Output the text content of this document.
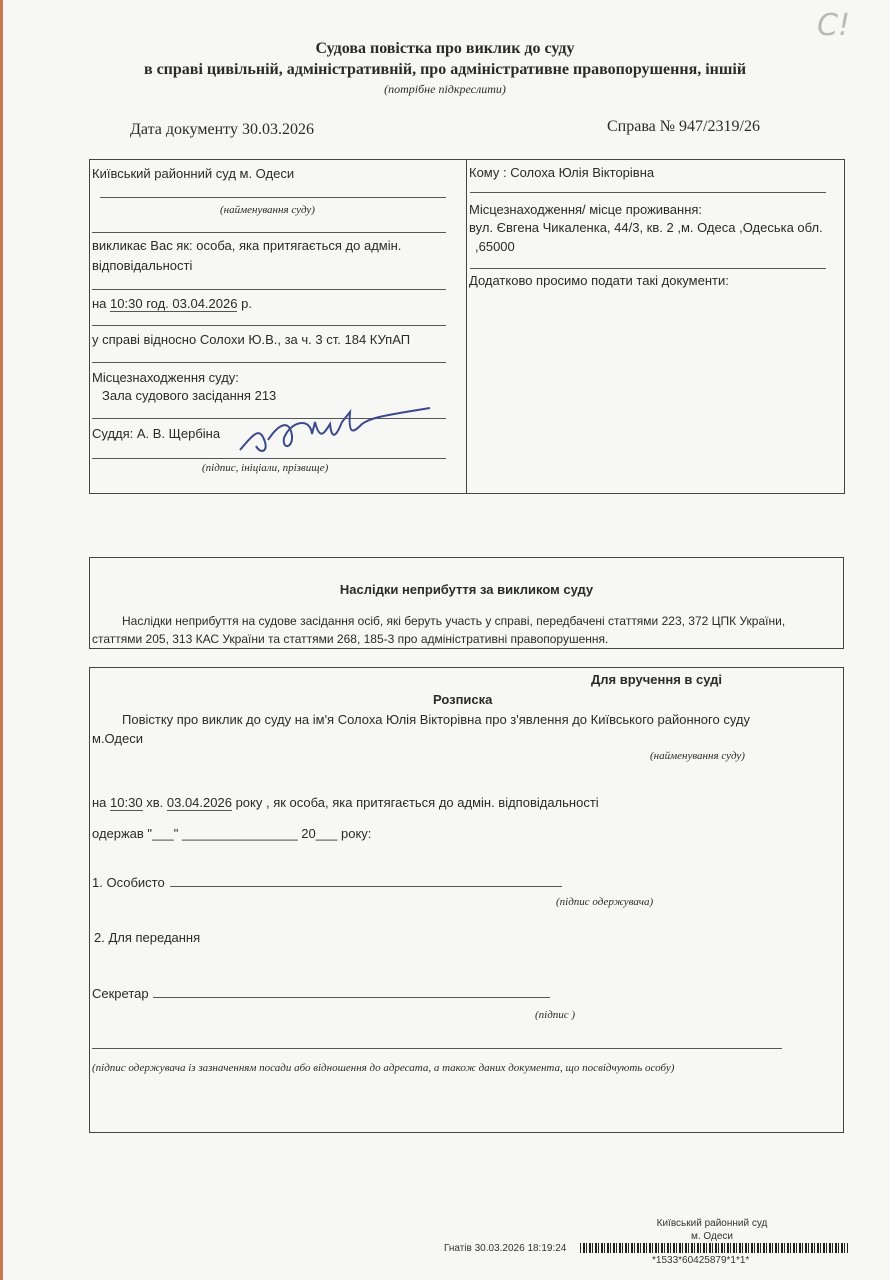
С!
Судова повістка про виклик до суду
в справі цивільній, адміністративній, про адміністративне правопорушення, іншій
(потрібне підкреслити)
Дата документу 30.03.2026	Справа № 947/2319/26
Київський районний суд м. Одеси
(найменування суду)
викликає Вас як: особа, яка притягається до адмін.
відповідальності
на 10:30 год. 03.04.2026 р.
у справі відносно Солохи Ю.В., за ч. 3 ст. 184 КУпАП
Місцезнаходження суду:
Зала судового засідання 213
Суддя: А. В. Щербіна
(підпис, ініціали, прізвище)
Кому : Солоха Юлія Вікторівна
Місцезнаходження/ місце проживання:
вул. Євгена Чикаленка, 44/3, кв. 2 ,м. Одеса ,Одеська обл.
,65000
Додатково просимо подати такі документи:
Наслідки неприбуття за викликом суду
Наслідки неприбуття на судове засідання осіб, які беруть участь у справі, передбачені статтями 223, 372 ЦПК України,
статтями 205, 313 КАС України та статтями 268, 185-3 про адміністративні правопорушення.
Для вручення в суді
Розписка
Повістку про виклик до суду на ім'я Солоха Юлія Вікторівна про з'явлення до Київського районного суду
м.Одеси
(найменування суду)
на 10:30 хв. 03.04.2026 року , як особа, яка притягається до адмін. відповідальності
одержав "___" ________________ 20___ року:
1. Особисто
(підпис одержувача)
2. Для передання
Секретар
(підпис )
(підпис одержувача із зазначенням посади або відношення до адресата, а також даних документа, що посвідчують особу)
Київський районний суд
м. Одеси
Гнатів 30.03.2026 18:19:24
*1533*60425879*1*1*
